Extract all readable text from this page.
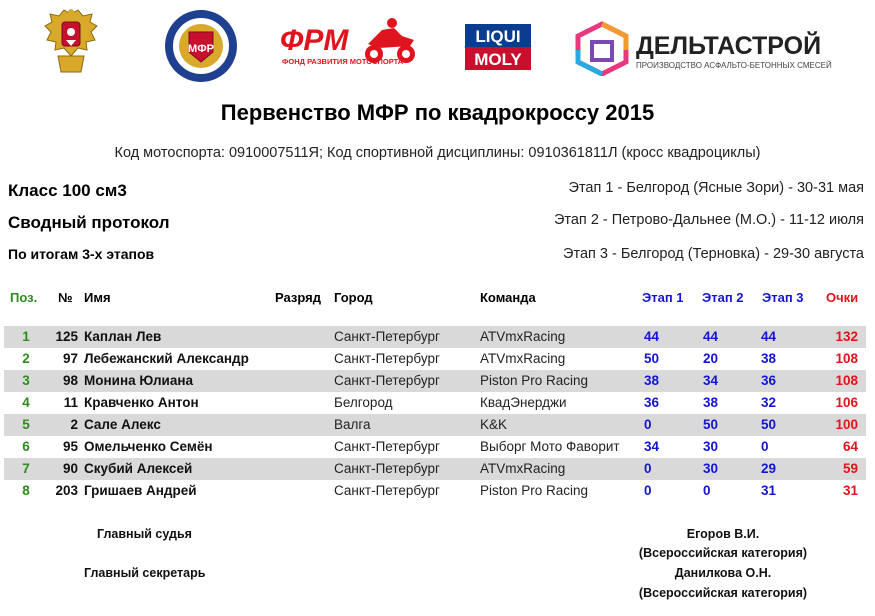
МФР ФРМ
ФОНД РАЗВИТИЯ МОТОСПОРТА
LIQUI
MOLY	ДЕЛЬТАСТРОЙ
ПРОИЗВОДСТВО АСФАЛЬТО-БЕТОННЫХ СМЕСЕЙ
Первенство МФР по квадрокроссу 2015
Код мотоспорта: 0910007511Я; Код спортивной дисциплины: 0910361811Л (кросс квадроциклы)
Класс 100 см3
Сводный протокол
По итогам 3-х этапов
Этап 1 - Белгород (Ясные Зори) - 30-31 мая
Этап 2 - Петрово-Дальнее (М.О.) - 11-12 июля
Этап 3 - Белгород (Терновка) - 29-30 августа
Поз. № Имя	Разряд Город	Команда	Этап 1 Этап 2 Этап 3 Очки
1	125 Каплан Лев	Санкт-Петербург	ATVmxRacing	44	44	44	132
2	97 Лебежанский Александр	Санкт-Петербург	ATVmxRacing	50	20	38	108
3	98 Монина Юлиана	Санкт-Петербург	Piston Pro Racing	38	34	36	108
4	11 Кравченко Антон	Белгород	КвадЭнерджи	36	38	32	106
5	2 Сале Алекс	Валга	K&K	0	50	50	100
6	95 Омельченко Семён	Санкт-Петербург	Выборг Мото Фаворит 34	30	0	64
7	90 Скубий Алексей	Санкт-Петербург	ATVmxRacing	0	30	29	59
8	203 Гришаев Андрей	Санкт-Петербург	Piston Pro Racing	0	0	31	31
Главный судья
Главный секретарь
Егоров В.И.
(Всероссийская категория)
Данилкова О.Н.
(Всероссийская категория)
